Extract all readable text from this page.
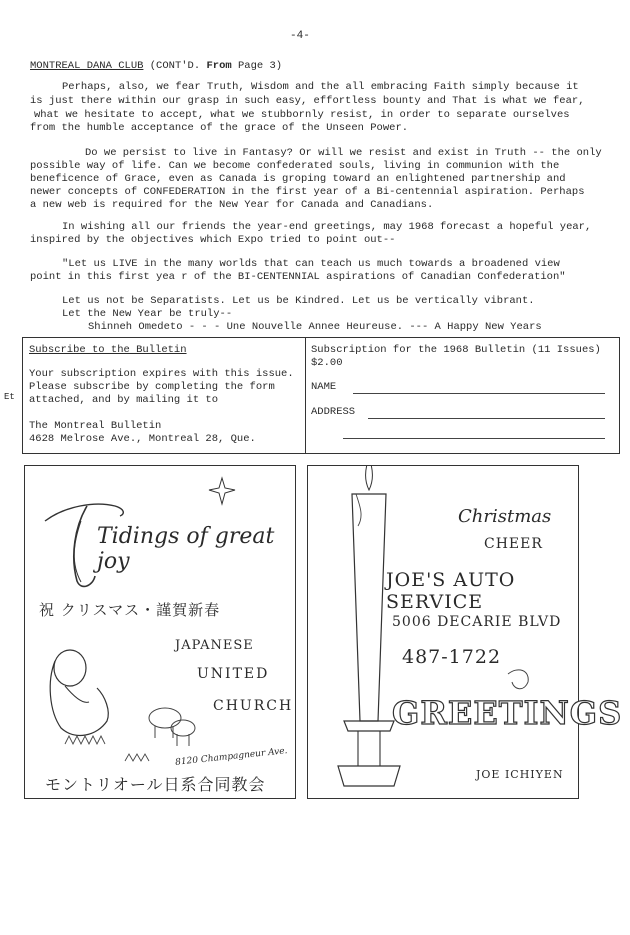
-4-
MONTREAL DANA CLUB (CONT'D. From Page 3)
Perhaps, also, we fear Truth, Wisdom and the all embracing Faith simply because it
is just there within our grasp in such easy, effortless bounty and That is what we fear,
what we hesitate to accept, what we stubbornly resist, in order to separate ourselves
from the humble acceptance of the grace of the Unseen Power.
Do we persist to live in Fantasy? Or will we resist and exist in Truth -- the only
possible way of life. Can we become confederated souls, living in communion with the
beneficence of Grace, even as Canada is groping toward an enlightened partnership and
newer concepts of CONFEDERATION in the first year of a Bi-centennial aspiration. Perhaps
a new web is required for the New Year for Canada and Canadians.
In wishing all our friends the year-end greetings, may 1968 forecast a hopeful year,
inspired by the objectives which Expo tried to point out--
"Let us LIVE in the many worlds that can teach us much towards a broadened view
point in this first yea r of the BI-CENTENNIAL aspirations of Canadian Confederation"
Let us not be Separatists. Let us be Kindred. Let us be vertically vibrant.
Let the New Year be truly--
Shinneh Omedeto - - - Une Nouvelle Annee Heureuse. --- A Happy New Years
Subscribe to the Bulletin
Your subscription expires with this issue.
Please subscribe by completing the form
attached, and by mailing it to
The Montreal Bulletin
4628 Melrose Ave., Montreal 28, Que.
Subscription for the 1968 Bulletin (11 Issues)
$2.00
NAME
ADDRESS
Et
Tidings of great joy
祝 クリスマス・謹賀新春
JAPANESE
UNITED
CHURCH
8120 Champagneur Ave.
モントリオール日系合同教会
Christmas
CHEER
JOE'S AUTO SERVICE
5006 DECARIE BLVD
487-1722
GREETINGS
JOE ICHIYEN
